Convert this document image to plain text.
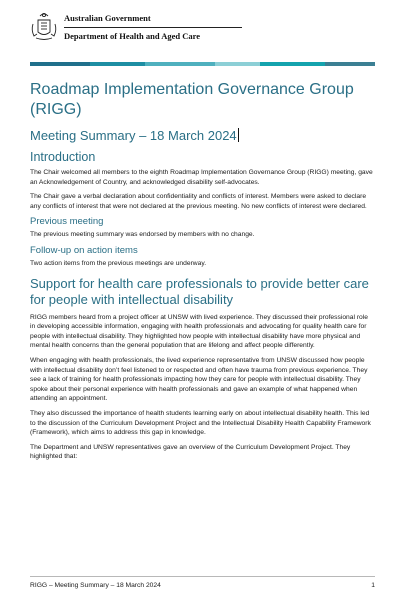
Australian Government
Department of Health and Aged Care
Roadmap Implementation Governance Group (RIGG)
Meeting Summary – 18 March 2024
Introduction

The Chair welcomed all members to the eighth Roadmap Implementation Governance Group (RIGG) meeting, gave an Acknowledgement of Country, and acknowledged disability self-advocates.

The Chair gave a verbal declaration about confidentiality and conflicts of interest. Members were asked to declare any conflicts of interest that were not declared at the previous meeting. No new conflicts of interest were declared.

Previous meeting

The previous meeting summary was endorsed by members with no change.

Follow-up on action items

Two action items from the previous meetings are underway.

Support for health care professionals to provide better care for people with intellectual disability

RIGG members heard from a project officer at UNSW with lived experience. They discussed their professional role in developing accessible information, engaging with health professionals and advocating for quality health care for people with intellectual disability. They highlighted how people with intellectual disability have more physical and mental health concerns than the general population that are lifelong and affect people differently.

When engaging with health professionals, the lived experience representative from UNSW discussed how people with intellectual disability don’t feel listened to or respected and often have trauma from previous experience. They see a lack of training for health professionals impacting how they care for people with intellectual disability. They spoke about their personal experience with health professionals and gave an example of what happened when attending an appointment.

They also discussed the importance of health students learning early on about intellectual disability health. This led to the discussion of the Curriculum Development Project and the Intellectual Disability Health Capability Framework (Framework), which aims to address this gap in knowledge.

The Department and UNSW representatives gave an overview of the Curriculum Development Project. They highlighted that:

RIGG – Meeting Summary – 18 March 2024	1
